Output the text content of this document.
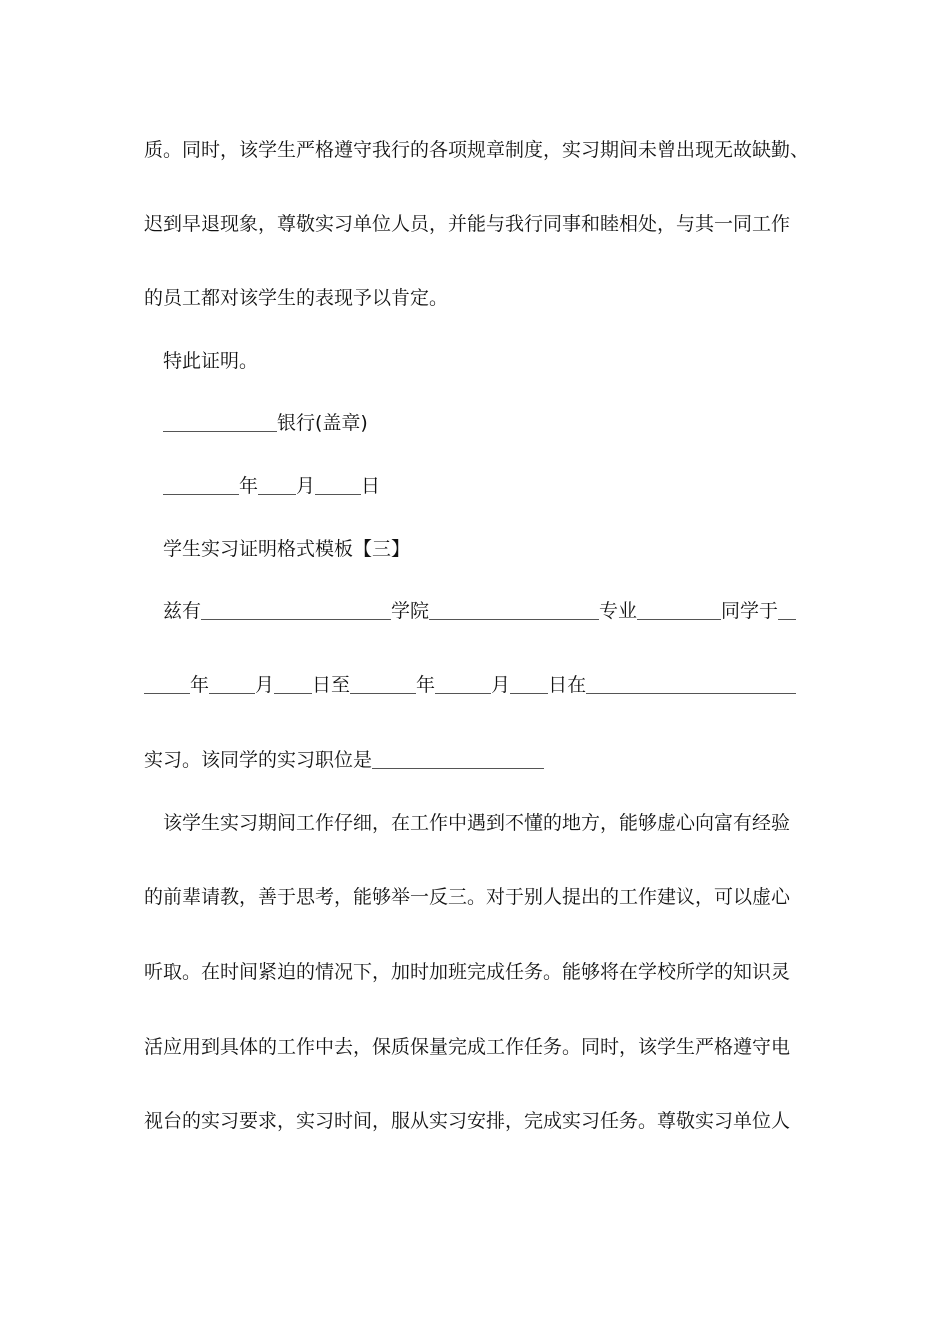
质。同时，该学生严格遵守我行的各项规章制度，实习期间未曾出现无故缺勤、
迟到早退现象，尊敬实习单位人员，并能与我行同事和睦相处，与其一同工作
的员工都对该学生的表现予以肯定。
特此证明。
银行(盖章)
年 月 日
学生实习证明格式模板【三】
兹有	学院	专业	同学于
年 月 日至	年	月 日在
实习。该同学的实习职位是
该学生实习期间工作仔细，在工作中遇到不懂的地方，能够虚心向富有经验
的前辈请教，善于思考，能够举一反三。对于别人提出的工作建议，可以虚心
听取。在时间紧迫的情况下，加时加班完成任务。能够将在学校所学的知识灵
活应用到具体的工作中去，保质保量完成工作任务。同时，该学生严格遵守电
视台的实习要求，实习时间，服从实习安排，完成实习任务。尊敬实习单位人
